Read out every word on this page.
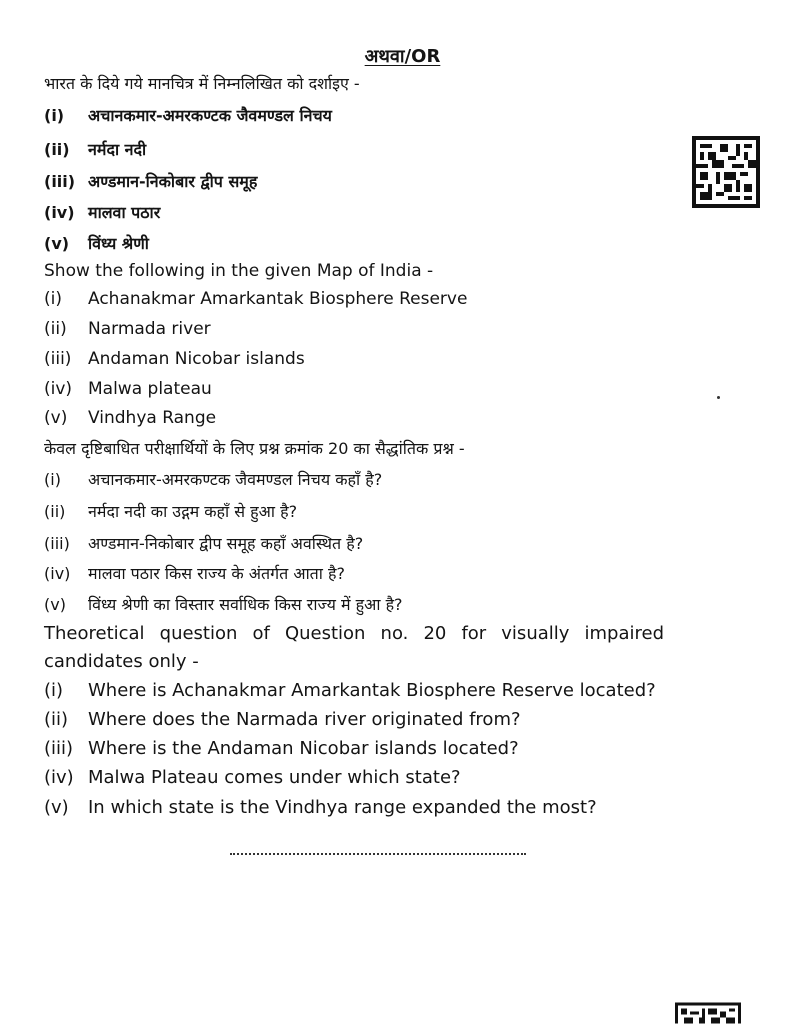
अथवा/OR
भारत के दिये गये मानचित्र में निम्नलिखित को दर्शाइए -
(i) अचानकमार-अमरकण्टक जैवमण्डल निचय
(ii) नर्मदा नदी
(iii) अण्डमान-निकोबार द्वीप समूह
(iv) मालवा पठार
(v) विंध्य श्रेणी
Show the following in the given Map of India -
(i) Achanakmar Amarkantak Biosphere Reserve
(ii) Narmada river
(iii) Andaman Nicobar islands
(iv) Malwa plateau
(v) Vindhya Range
केवल दृष्टिबाधित परीक्षार्थियों के लिए प्रश्न क्रमांक 20 का सैद्धांतिक प्रश्न -
(i) अचानकमार-अमरकण्टक जैवमण्डल निचय कहाँ है?
(ii) नर्मदा नदी का उद्गम कहाँ से हुआ है?
(iii) अण्डमान-निकोबार द्वीप समूह कहाँ अवस्थित है?
(iv) मालवा पठार किस राज्य के अंतर्गत आता है?
(v) विंध्य श्रेणी का विस्तार सर्वाधिक किस राज्य में हुआ है?
Theoretical question of Question no. 20 for visually impaired candidates only -
(i) Where is Achanakmar Amarkantak Biosphere Reserve located?
(ii) Where does the Narmada river originated from?
(iii) Where is the Andaman Nicobar islands located?
(iv) Malwa Plateau comes under which state?
(v) In which state is the Vindhya range expanded the most?
